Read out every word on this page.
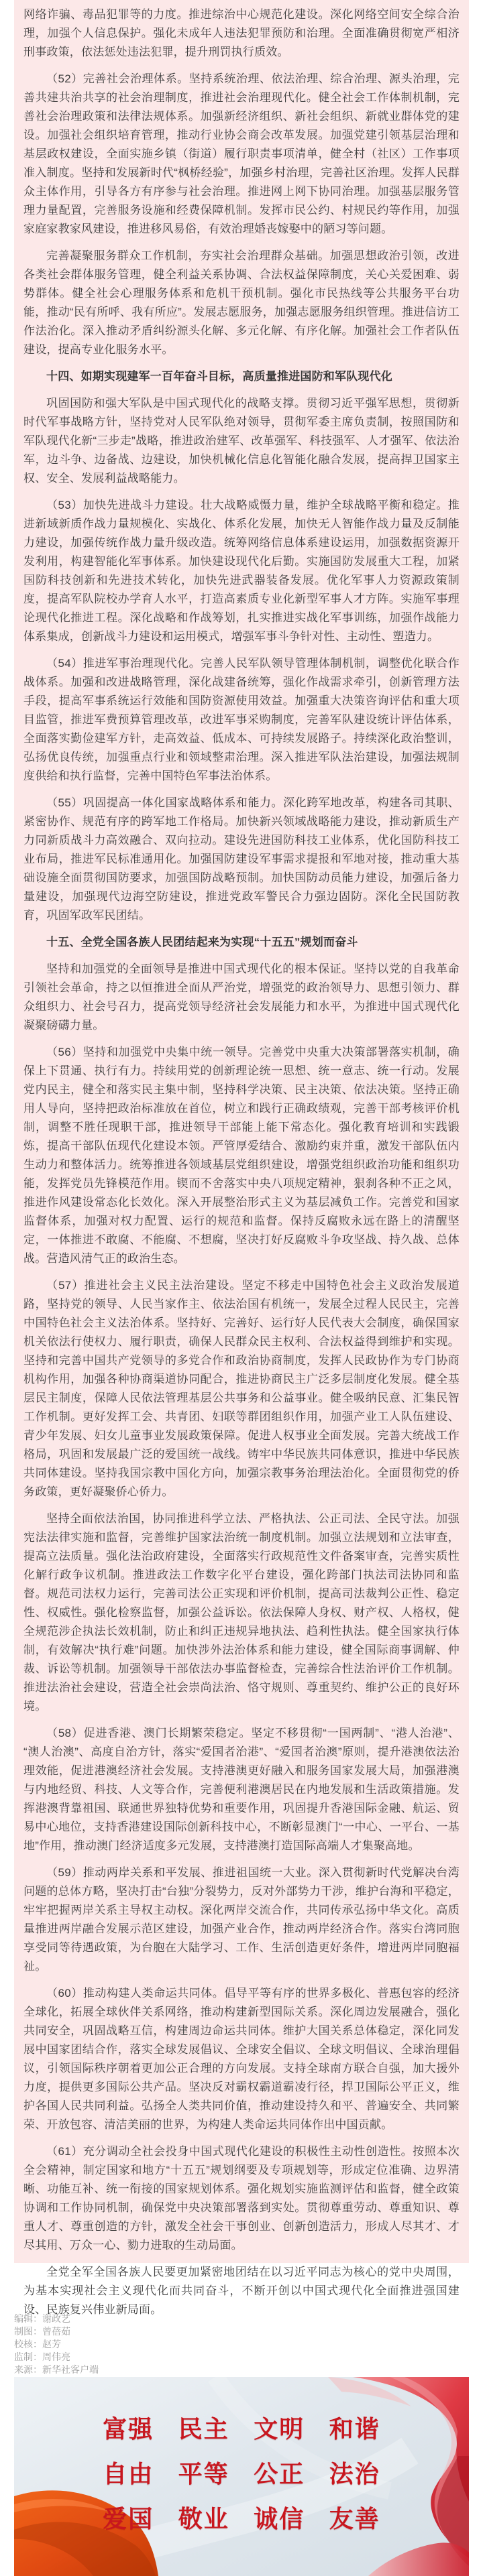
网络诈骗、毒品犯罪等的力度。推进综治中心规范化建设。深化网络空间安全综合治理，加强个人信息保护。强化未成年人违法犯罪预防和治理。全面准确贯彻宽严相济刑事政策，依法惩处违法犯罪，提升刑罚执行质效。

（52）完善社会治理体系。坚持系统治理、依法治理、综合治理、源头治理，完善共建共治共享的社会治理制度，推进社会治理现代化。健全社会工作体制机制，完善社会治理政策和法律法规体系。加强新经济组织、新社会组织、新就业群体党的建设。加强社会组织培育管理，推动行业协会商会改革发展。加强党建引领基层治理和基层政权建设，全面实施乡镇（街道）履行职责事项清单，健全村（社区）工作事项准入制度。坚持和发展新时代“枫桥经验”，加强乡村治理，完善社区治理。发挥人民群众主体作用，引导各方有序参与社会治理。推进网上网下协同治理。加强基层服务管理力量配置，完善服务设施和经费保障机制。发挥市民公约、村规民约等作用，加强家庭家教家风建设，推进移风易俗，有效治理婚丧嫁娶中的陋习等问题。

完善凝聚服务群众工作机制，夯实社会治理群众基础。加强思想政治引领，改进各类社会群体服务管理，健全利益关系协调、合法权益保障制度，关心关爱困难、弱势群体。健全社会心理服务体系和危机干预机制。强化市民热线等公共服务平台功能，推动“民有所呼、我有所应”。发展志愿服务，加强志愿服务组织管理。推进信访工作法治化。深入推动矛盾纠纷源头化解、多元化解、有序化解。加强社会工作者队伍建设，提高专业化服务水平。

十四、如期实现建军一百年奋斗目标，高质量推进国防和军队现代化

巩固国防和强大军队是中国式现代化的战略支撑。贯彻习近平强军思想，贯彻新时代军事战略方针，坚持党对人民军队绝对领导，贯彻军委主席负责制，按照国防和军队现代化新“三步走”战略，推进政治建军、改革强军、科技强军、人才强军、依法治军，边斗争、边备战、边建设，加快机械化信息化智能化融合发展，提高捍卫国家主权、安全、发展利益战略能力。

（53）加快先进战斗力建设。壮大战略威慑力量，维护全球战略平衡和稳定。推进新域新质作战力量规模化、实战化、体系化发展，加快无人智能作战力量及反制能力建设，加强传统作战力量升级改造。统筹网络信息体系建设运用，加强数据资源开发利用，构建智能化军事体系。加快建设现代化后勤。实施国防发展重大工程，加紧国防科技创新和先进技术转化，加快先进武器装备发展。优化军事人力资源政策制度，提高军队院校办学育人水平，打造高素质专业化新型军事人才方阵。实施军事理论现代化推进工程。深化战略和作战筹划，扎实推进实战化军事训练，加强作战能力体系集成，创新战斗力建设和运用模式，增强军事斗争针对性、主动性、塑造力。

（54）推进军事治理现代化。完善人民军队领导管理体制机制，调整优化联合作战体系。加强和改进战略管理，深化战建备统筹，强化作战需求牵引，创新管理方法手段，提高军事系统运行效能和国防资源使用效益。加强重大决策咨询评估和重大项目监管，推进军费预算管理改革，改进军事采购制度，完善军队建设统计评估体系，全面落实勤俭建军方针，走高效益、低成本、可持续发展路子。持续深化政治整训，弘扬优良传统，加强重点行业和领域整肃治理。深入推进军队法治建设，加强法规制度供给和执行监督，完善中国特色军事法治体系。

（55）巩固提高一体化国家战略体系和能力。深化跨军地改革，构建各司其职、紧密协作、规范有序的跨军地工作格局。加快新兴领域战略能力建设，推动新质生产力同新质战斗力高效融合、双向拉动。建设先进国防科技工业体系，优化国防科技工业布局，推进军民标准通用化。加强国防建设军事需求提报和军地对接，推动重大基础设施全面贯彻国防要求，加强国防战略预制。加快国防动员能力建设，加强后备力量建设，加强现代边海空防建设，推进党政军警民合力强边固防。深化全民国防教育，巩固军政军民团结。

十五、全党全国各族人民团结起来为实现“十五五”规划而奋斗

坚持和加强党的全面领导是推进中国式现代化的根本保证。坚持以党的自我革命引领社会革命，持之以恒推进全面从严治党，增强党的政治领导力、思想引领力、群众组织力、社会号召力，提高党领导经济社会发展能力和水平，为推进中国式现代化凝聚磅礴力量。

（56）坚持和加强党中央集中统一领导。完善党中央重大决策部署落实机制，确保上下贯通、执行有力。持续用党的创新理论统一思想、统一意志、统一行动。发展党内民主，健全和落实民主集中制，坚持科学决策、民主决策、依法决策。坚持正确用人导向，坚持把政治标准放在首位，树立和践行正确政绩观，完善干部考核评价机制，调整不胜任现职干部，推进领导干部能上能下常态化。强化教育培训和实践锻炼，提高干部队伍现代化建设本领。严管厚爱结合、激励约束并重，激发干部队伍内生动力和整体活力。统筹推进各领域基层党组织建设，增强党组织政治功能和组织功能，发挥党员先锋模范作用。锲而不舍落实中央八项规定精神，狠刹各种不正之风，推进作风建设常态化长效化。深入开展整治形式主义为基层减负工作。完善党和国家监督体系，加强对权力配置、运行的规范和监督。保持反腐败永远在路上的清醒坚定，一体推进不敢腐、不能腐、不想腐，坚决打好反腐败斗争攻坚战、持久战、总体战。营造风清气正的政治生态。

（57）推进社会主义民主法治建设。坚定不移走中国特色社会主义政治发展道路，坚持党的领导、人民当家作主、依法治国有机统一，发展全过程人民民主，完善中国特色社会主义法治体系。坚持好、完善好、运行好人民代表大会制度，确保国家机关依法行使权力、履行职责，确保人民群众民主权利、合法权益得到维护和实现。坚持和完善中国共产党领导的多党合作和政治协商制度，发挥人民政协作为专门协商机构作用，加强各种协商渠道协同配合，推进协商民主广泛多层制度化发展。健全基层民主制度，保障人民依法管理基层公共事务和公益事业。健全吸纳民意、汇集民智工作机制。更好发挥工会、共青团、妇联等群团组织作用，加强产业工人队伍建设、青少年发展、妇女儿童事业发展政策保障。促进人权事业全面发展。完善大统战工作格局，巩固和发展最广泛的爱国统一战线。铸牢中华民族共同体意识，推进中华民族共同体建设。坚持我国宗教中国化方向，加强宗教事务治理法治化。全面贯彻党的侨务政策，更好凝聚侨心侨力。

坚持全面依法治国，协同推进科学立法、严格执法、公正司法、全民守法。加强宪法法律实施和监督，完善维护国家法治统一制度机制。加强立法规划和立法审查，提高立法质量。强化法治政府建设，全面落实行政规范性文件备案审查，完善实质性化解行政争议机制。推进政法工作数字化平台建设，强化跨部门执法司法协同和监督。规范司法权力运行，完善司法公正实现和评价机制，提高司法裁判公正性、稳定性、权威性。强化检察监督，加强公益诉讼。依法保障人身权、财产权、人格权，健全规范涉企执法长效机制，防止和纠正违规异地执法、趋利性执法。健全国家执行体制，有效解决“执行难”问题。加快涉外法治体系和能力建设，健全国际商事调解、仲裁、诉讼等机制。加强领导干部依法办事监督检查，完善综合性法治评价工作机制。推进法治社会建设，营造全社会崇尚法治、恪守规则、尊重契约、维护公正的良好环境。

（58）促进香港、澳门长期繁荣稳定。坚定不移贯彻“一国两制”、“港人治港”、“澳人治澳”、高度自治方针，落实“爱国者治港”、“爱国者治澳”原则，提升港澳依法治理效能，促进港澳经济社会发展。支持港澳更好融入和服务国家发展大局，加强港澳与内地经贸、科技、人文等合作，完善便利港澳居民在内地发展和生活政策措施。发挥港澳背靠祖国、联通世界独特优势和重要作用，巩固提升香港国际金融、航运、贸易中心地位，支持香港建设国际创新科技中心，不断彰显澳门“一中心、一平台、一基地”作用，推动澳门经济适度多元发展，支持港澳打造国际高端人才集聚高地。

（59）推动两岸关系和平发展、推进祖国统一大业。深入贯彻新时代党解决台湾问题的总体方略，坚决打击“台独”分裂势力，反对外部势力干涉，维护台海和平稳定，牢牢把握两岸关系主导权主动权。深化两岸交流合作，共同传承弘扬中华文化。高质量推进两岸融合发展示范区建设，加强产业合作，推动两岸经济合作。落实台湾同胞享受同等待遇政策，为台胞在大陆学习、工作、生活创造更好条件，增进两岸同胞福祉。

（60）推动构建人类命运共同体。倡导平等有序的世界多极化、普惠包容的经济全球化，拓展全球伙伴关系网络，推动构建新型国际关系。深化周边发展融合，强化共同安全，巩固战略互信，构建周边命运共同体。维护大国关系总体稳定，深化同发展中国家团结合作，落实全球发展倡议、全球安全倡议、全球文明倡议、全球治理倡议，引领国际秩序朝着更加公正合理的方向发展。支持全球南方联合自强，加大援外力度，提供更多国际公共产品。坚决反对霸权霸道霸凌行径，捍卫国际公平正义，维护各国人民共同利益。弘扬全人类共同价值，推动建设持久和平、普遍安全、共同繁荣、开放包容、清洁美丽的世界，为构建人类命运共同体作出中国贡献。

（61）充分调动全社会投身中国式现代化建设的积极性主动性创造性。按照本次全会精神，制定国家和地方“十五五”规划纲要及专项规划等，形成定位准确、边界清晰、功能互补、统一衔接的国家规划体系。强化规划实施监测评估和监督，健全政策协调和工作协同机制，确保党中央决策部署落到实处。贯彻尊重劳动、尊重知识、尊重人才、尊重创造的方针，激发全社会干事创业、创新创造活力，形成人尽其才、才尽其用、万众一心、勠力进取的生动局面。

全党全军全国各族人民要更加紧密地团结在以习近平同志为核心的党中央周围，为基本实现社会主义现代化而共同奋斗，不断开创以中国式现代化全面推进强国建设、民族复兴伟业新局面。

编辑：谢政艺
制图：曾蓓茹
校核：赵芳
监制：周伟亮
来源：新华社客户端
富强 民主 文明 和谐
自由 平等 公正 法治
爱国 敬业 诚信 友善
